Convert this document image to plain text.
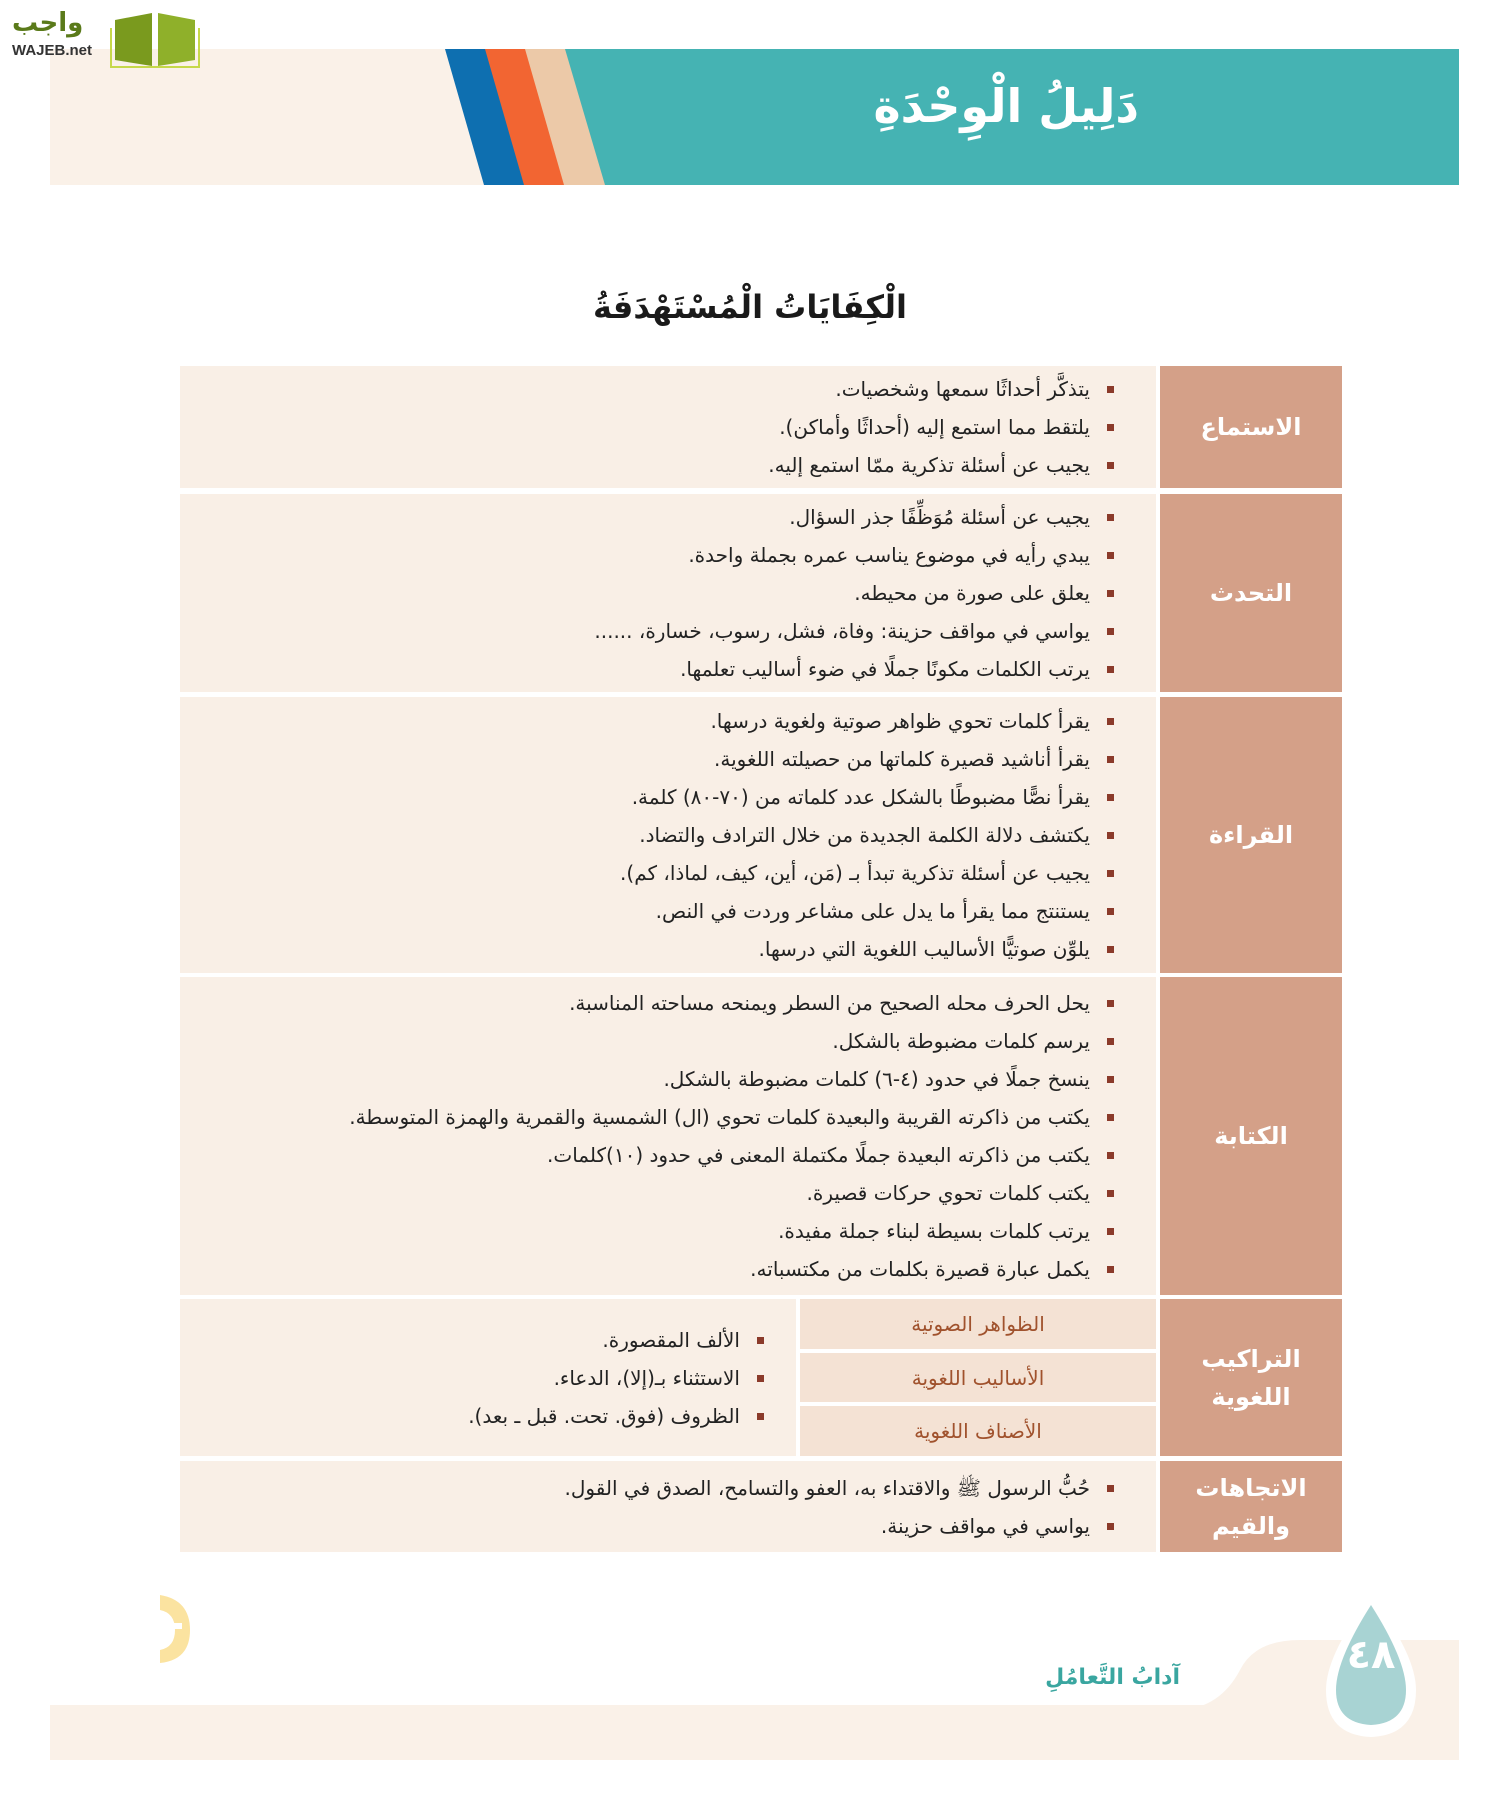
دَلِيلُ الْوِحْدَةِ
واجب
WAJEB.net
الْكِفَايَاتُ الْمُسْتَهْدَفَةُ
يتذكَّر أحداثًا سمعها وشخصيات.
يلتقط مما استمع إليه (أحداثًا وأماكن).
يجيب عن أسئلة تذكرية ممّا استمع إليه.
الاستماع
يجيب عن أسئلة مُوَظِّفًا جذر السؤال.
يبدي رأيه في موضوع يناسب عمره بجملة واحدة.
يعلق على صورة من محيطه.
يواسي في مواقف حزينة: وفاة، فشل، رسوب، خسارة، ......
يرتب الكلمات مكونًا جملًا في ضوء أساليب تعلمها.
التحدث
يقرأ كلمات تحوي ظواهر صوتية ولغوية درسها.
يقرأ أناشيد قصيرة كلماتها من حصيلته اللغوية.
يقرأ نصًّا مضبوطًا بالشكل عدد كلماته من (٧٠-٨٠) كلمة.
يكتشف دلالة الكلمة الجديدة من خلال الترادف والتضاد.
يجيب عن أسئلة تذكرية تبدأ بـ (مَن، أين، كيف، لماذا، كم).
يستنتج مما يقرأ ما يدل على مشاعر وردت في النص.
يلوِّن صوتيًّا الأساليب اللغوية التي درسها.
القراءة
يحل الحرف محله الصحيح من السطر ويمنحه مساحته المناسبة.
يرسم كلمات مضبوطة بالشكل.
ينسخ جملًا في حدود (٤-٦) كلمات مضبوطة بالشكل.
يكتب من ذاكرته القريبة والبعيدة كلمات تحوي (ال) الشمسية والقمرية والهمزة المتوسطة.
يكتب من ذاكرته البعيدة جملًا مكتملة المعنى في حدود (١٠)كلمات.
يكتب كلمات تحوي حركات قصيرة.
يرتب كلمات بسيطة لبناء جملة مفيدة.
يكمل عبارة قصيرة بكلمات من مكتسباته.
الكتابة
الألف المقصورة.
الاستثناء بـ(إلا)، الدعاء.
الظروف (فوق. تحت. قبل ـ بعد).
الظواهر الصوتية
الأساليب اللغوية
الأصناف اللغوية
التراكيب اللغوية
حُبُّ الرسول ﷺ والاقتداء به، العفو والتسامح، الصدق في القول.
يواسي في مواقف حزينة.
الاتجاهات والقيم
٤٨
آدابُ التَّعامُلِ
